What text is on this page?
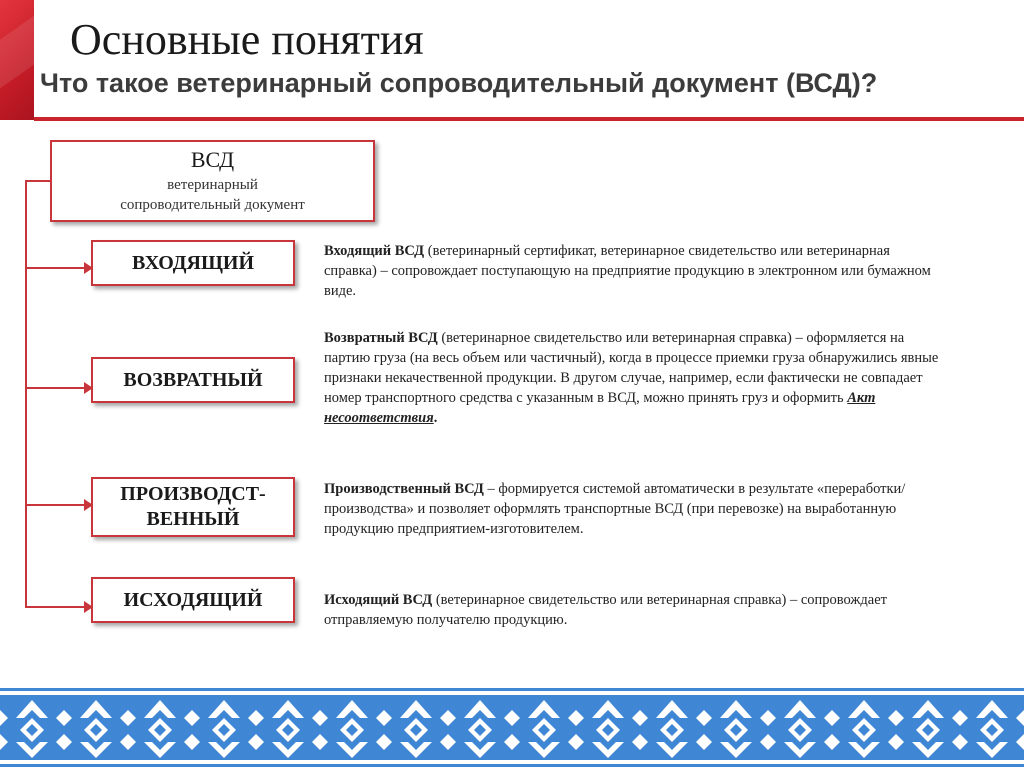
Основные понятия
Что такое ветеринарный сопроводительный документ (ВСД)?
ВСД
ветеринарный
сопроводительный документ
ВХОДЯЩИЙ
ВОЗВРАТНЫЙ
ПРОИЗВОДСТ-
ВЕННЫЙ
ИСХОДЯЩИЙ
Входящий ВСД (ветеринарный сертификат, ветеринарное свидетельство или ветеринарная справка) – сопровождает поступающую на предприятие продукцию в электронном или бумажном виде.
Возвратный ВСД (ветеринарное свидетельство или ветеринарная справка) – оформляется на партию груза (на весь объем или частичный), когда в процессе приемки груза обнаружились явные признаки некачественной продукции. В другом случае, например, если фактически не совпадает номер транспортного средства с указанным в ВСД, можно принять груз и оформить Акт несоответствия.
Производственный ВСД – формируется системой автоматически в результате «переработки/производства» и позволяет оформлять транспортные ВСД (при перевозке) на выработанную продукцию предприятием-изготовителем.
Исходящий ВСД (ветеринарное свидетельство или ветеринарная справка) – сопровождает отправляемую получателю продукцию.
